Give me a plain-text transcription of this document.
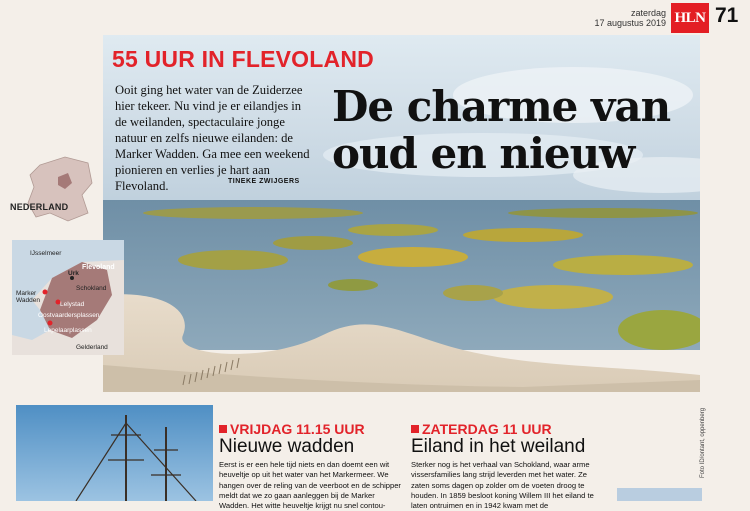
zaterdag
17 augustus 2019 HLN 71
55 UUR IN FLEVOLAND
Ooit ging het water van de Zuiderzee hier tekeer. Nu vind je er eilandjes in de weilanden, spectaculaire jonge natuur en zelfs nieuwe eilanden: de Marker Wadden. Ga mee een weekend pionieren en verlies je hart aan Flevoland.	TINEKE ZWIJGERS
De charme van
oud en nieuw
NEDERLAND
IJsselmeer
Urk
Flevoland
Schokland
Marker
Wadden
Lelystad
Oostvaardersplassen
Lepelaarplassen
Gelderland
VRIJDAG 11.15 UUR
Nieuwe wadden

Eerst is er een hele tijd niets en dan doemt een wit heuveltje op uit het water van het Markermeer. We hangen over de reling van de veerboot en de schipper meldt dat we zo gaan aanleggen bij de Marker Wadden. Het witte heuveltje krijgt nu snel contou-

ZATERDAG 11 UUR
Eiland in het weiland

Sterker nog is het verhaal van Schokland, waar arme vissersfamilies lang strijd leverden met het water. Ze zaten soms dagen op zolder om de voeten droog te houden. In 1859 besloot koning Willem III het eiland te laten ontruimen en in 1942 kwam met de

Foto ID/ontant, oppenberg
